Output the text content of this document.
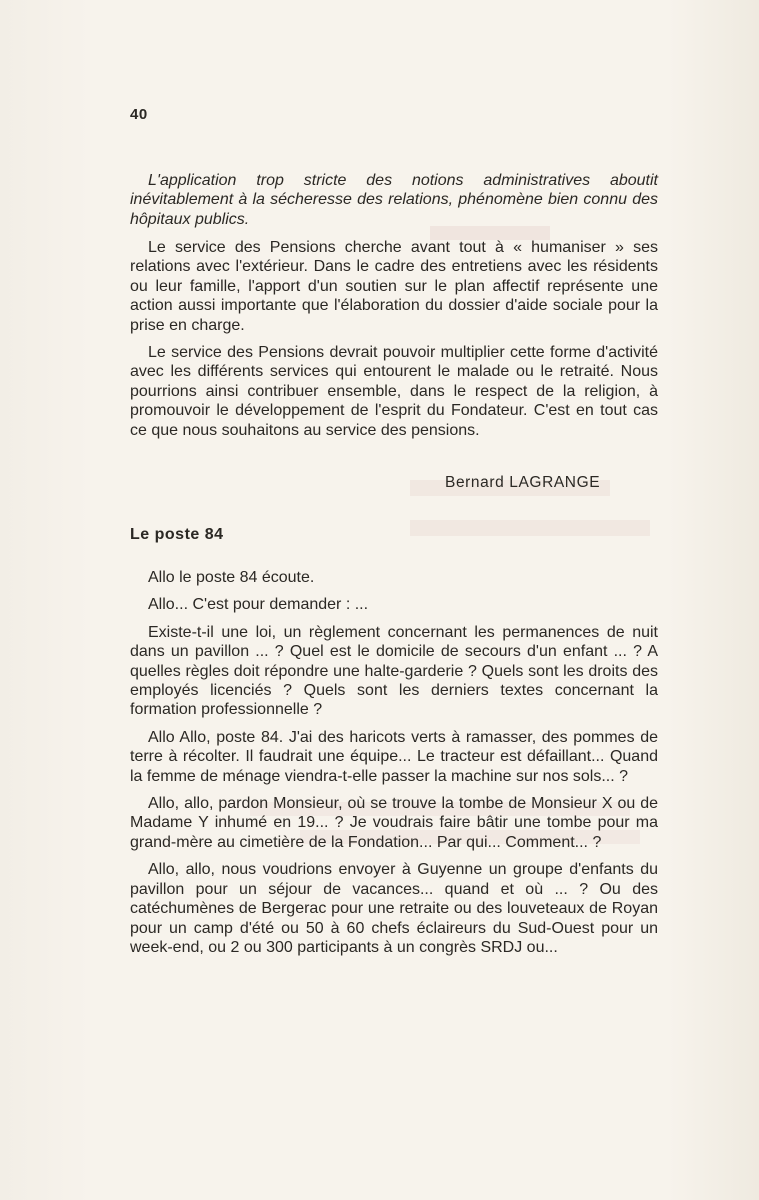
40

L'application trop stricte des notions administratives aboutit inévitablement à la sécheresse des relations, phénomène bien connu des hôpitaux publics.

Le service des Pensions cherche avant tout à « humaniser » ses relations avec l'extérieur. Dans le cadre des entretiens avec les résidents ou leur famille, l'apport d'un soutien sur le plan affectif représente une action aussi importante que l'élaboration du dossier d'aide sociale pour la prise en charge.

Le service des Pensions devrait pouvoir multiplier cette forme d'activité avec les différents services qui entourent le malade ou le retraité. Nous pourrions ainsi contribuer ensemble, dans le respect de la religion, à promouvoir le développement de l'esprit du Fondateur. C'est en tout cas ce que nous souhaitons au service des pensions.

Bernard LAGRANGE
Le poste 84

Allo le poste 84 écoute.

Allo... C'est pour demander : ...

Existe-t-il une loi, un règlement concernant les permanences de nuit dans un pavillon ... ? Quel est le domicile de secours d'un enfant ... ? A quelles règles doit répondre une halte-garderie ? Quels sont les droits des employés licenciés ? Quels sont les derniers textes concernant la formation professionnelle ?

Allo Allo, poste 84. J'ai des haricots verts à ramasser, des pommes de terre à récolter. Il faudrait une équipe... Le tracteur est défaillant... Quand la femme de ménage viendra-t-elle passer la machine sur nos sols... ?

Allo, allo, pardon Monsieur, où se trouve la tombe de Monsieur X ou de Madame Y inhumé en 19... ? Je voudrais faire bâtir une tombe pour ma grand-mère au cimetière de la Fondation... Par qui... Comment... ?

Allo, allo, nous voudrions envoyer à Guyenne un groupe d'enfants du pavillon pour un séjour de vacances... quand et où ... ? Ou des catéchumènes de Bergerac pour une retraite ou des louveteaux de Royan pour un camp d'été ou 50 à 60 chefs éclaireurs du Sud-Ouest pour un week-end, ou 2 ou 300 participants à un congrès SRDJ ou...
